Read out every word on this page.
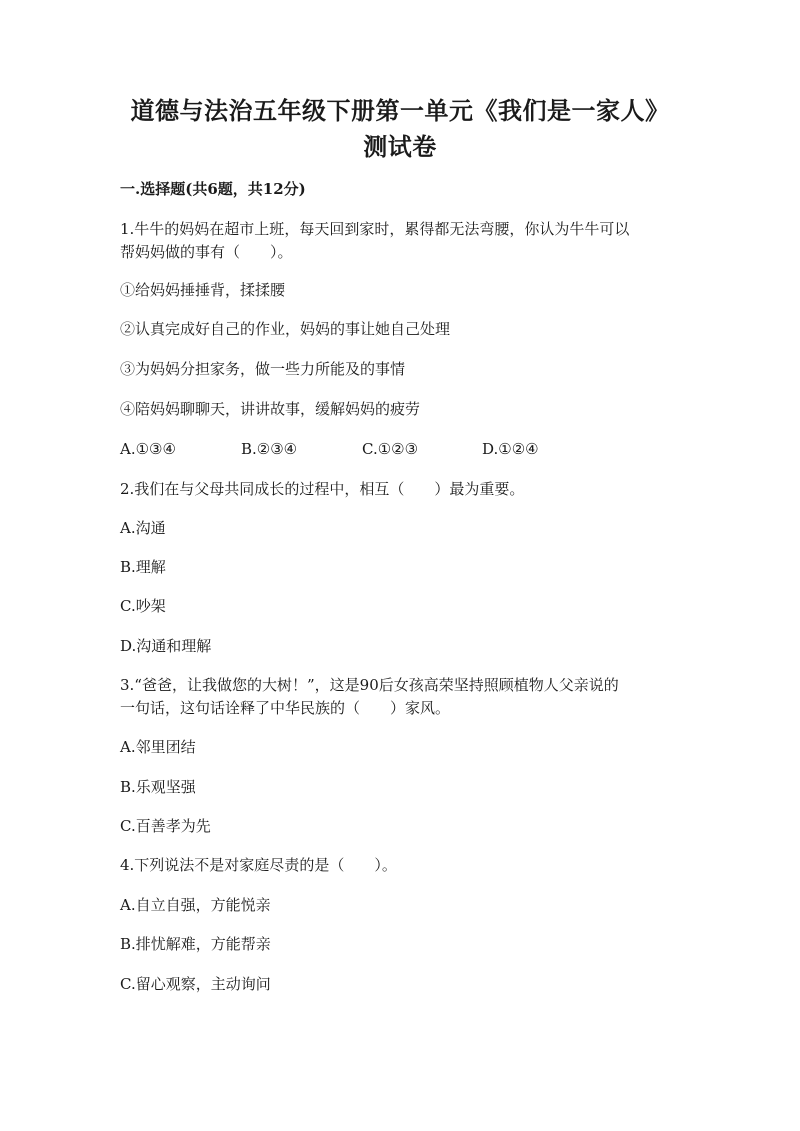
道德与法治五年级下册第一单元《我们是一家人》
测试卷
一.选择题(共6题，共12分)
1.牛牛的妈妈在超市上班，每天回到家时，累得都无法弯腰，你认为牛牛可以
帮妈妈做的事有（　　）。
①给妈妈捶捶背，揉揉腰
②认真完成好自己的作业，妈妈的事让她自己处理
③为妈妈分担家务，做一些力所能及的事情
④陪妈妈聊聊天，讲讲故事，缓解妈妈的疲劳
A.①③④	B.②③④	C.①②③	D.①②④
2.我们在与父母共同成长的过程中，相互（　　）最为重要。
A.沟通
B.理解
C.吵架
D.沟通和理解
3.“爸爸，让我做您的大树！”，这是90后女孩高荣坚持照顾植物人父亲说的
一句话，这句话诠释了中华民族的（　　）家风。
A.邻里团结
B.乐观坚强
C.百善孝为先
4.下列说法不是对家庭尽责的是（　　）。
A.自立自强，方能悦亲
B.排忧解难，方能帮亲
C.留心观察，主动询问
